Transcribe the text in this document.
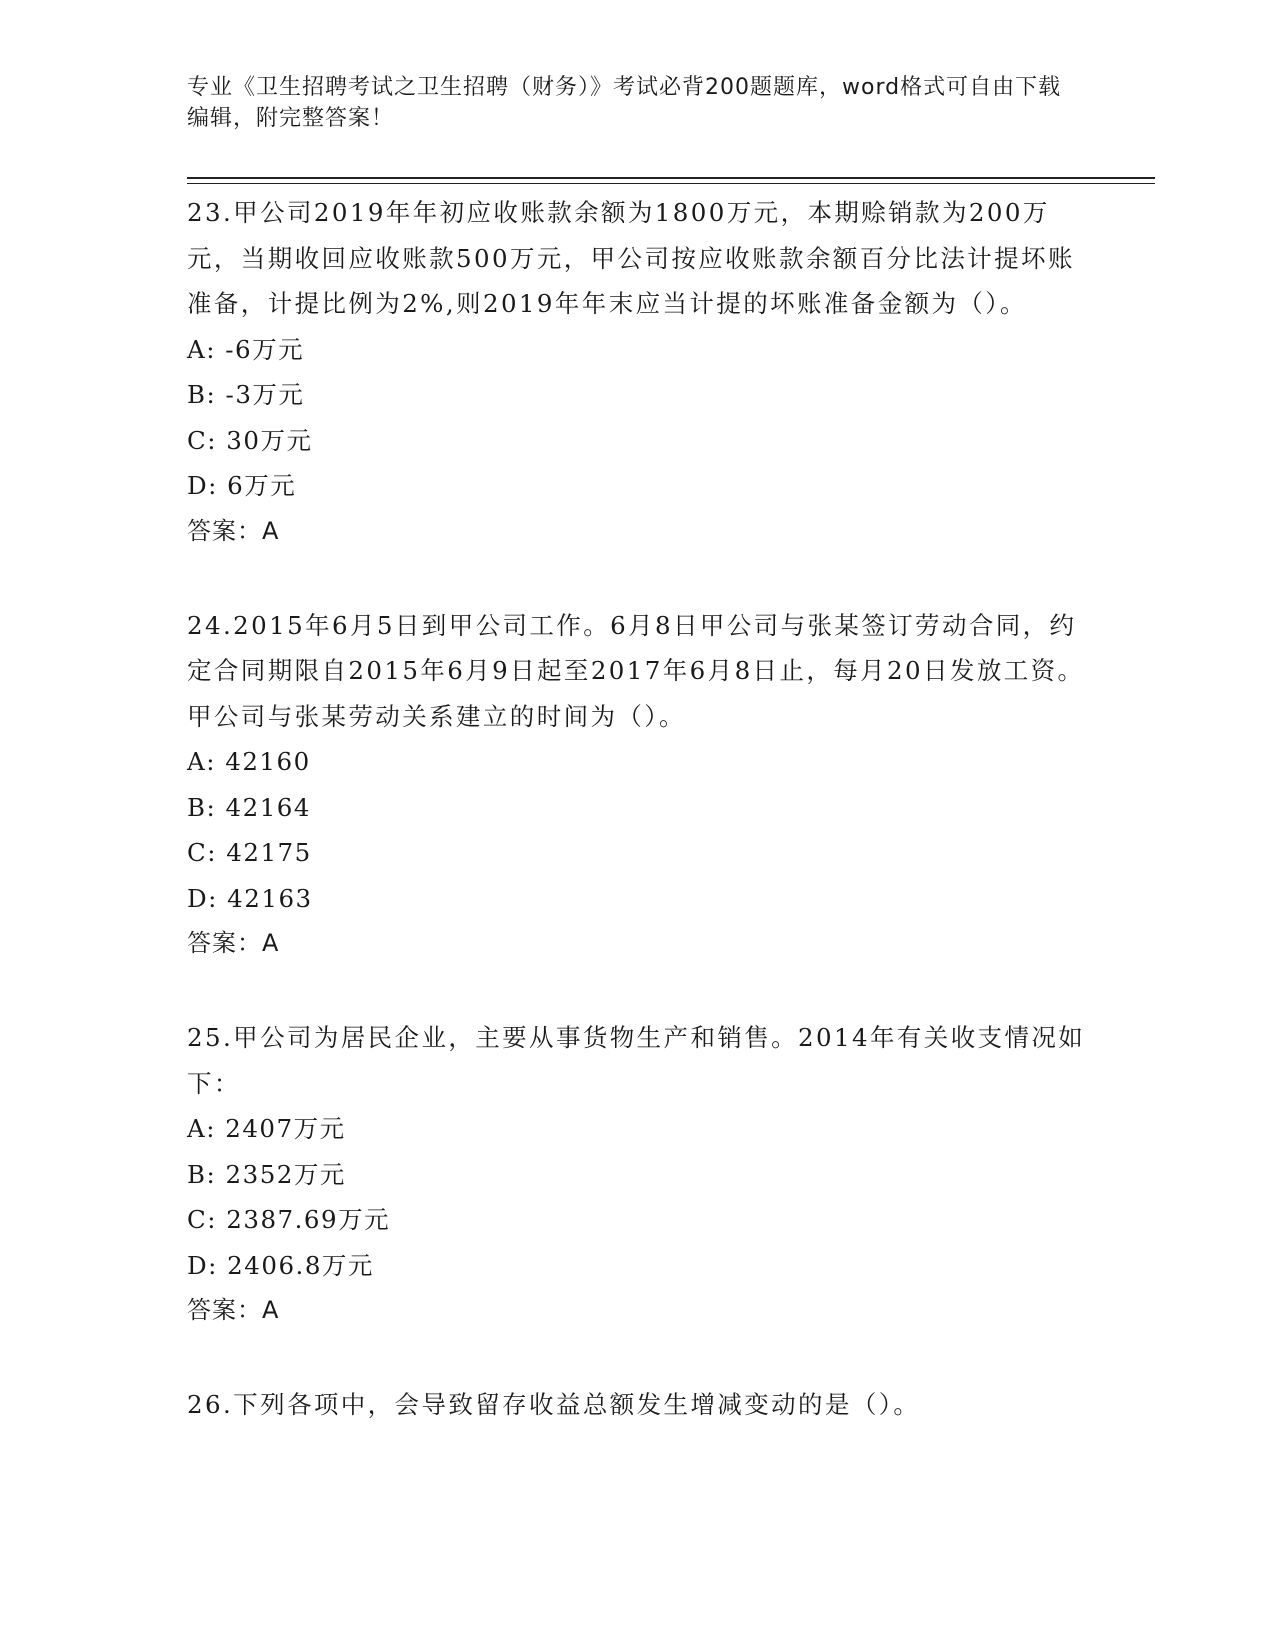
专业《卫生招聘考试之卫生招聘（财务）》考试必背200题题库，word格式可自由下载编辑，附完整答案！

23.甲公司2019年年初应收账款余额为1800万元，本期赊销款为200万元，当期收回应收账款500万元，甲公司按应收账款余额百分比法计提坏账准备，计提比例为2%,则2019年年末应当计提的坏账准备金额为（）。

A: -6万元

B: -3万元

C: 30万元

D: 6万元

答案：A

24.2015年6月5日到甲公司工作。6月8日甲公司与张某签订劳动合同，约定合同期限自2015年6月9日起至2017年6月8日止，每月20日发放工资。甲公司与张某劳动关系建立的时间为（）。

A: 42160

B: 42164

C: 42175

D: 42163

答案：A

25.甲公司为居民企业，主要从事货物生产和销售。2014年有关收支情况如下：

A: 2407万元

B: 2352万元

C: 2387.69万元

D: 2406.8万元

答案：A

26.下列各项中，会导致留存收益总额发生增减变动的是（）。
